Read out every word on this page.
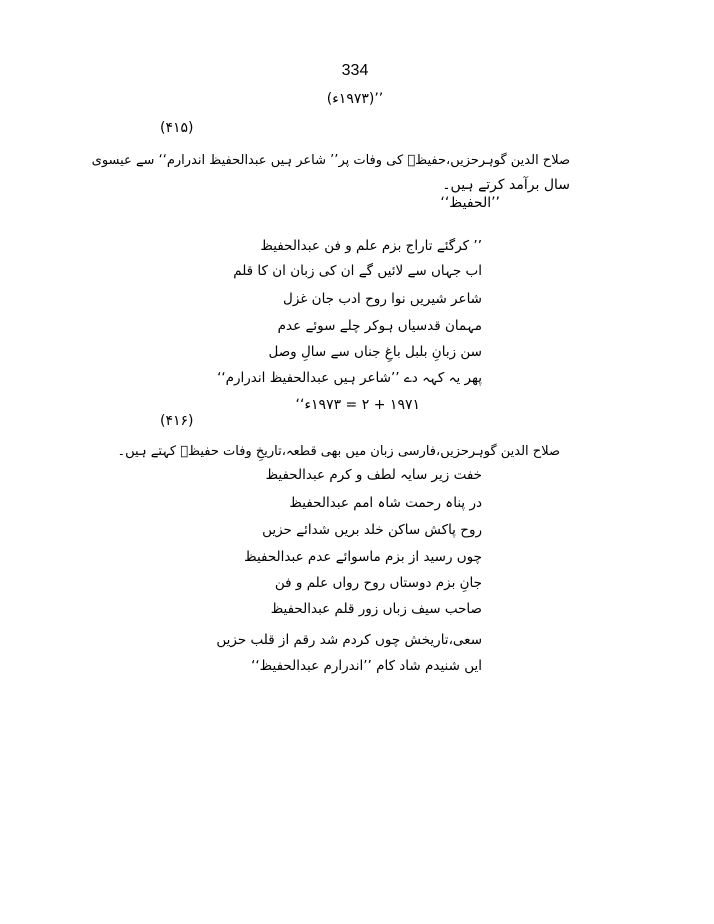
334
’’(۱۹۷۳ء)
(۴۱۵)
صلاح الدین گوہرحزیں،حفیظؔ کی وفات پر’’ شاعر ہیں عبدالحفیظ اندرارم‘‘ سے عیسوی
سال برآمد کرتے ہیں۔
’’الحفیظ‘‘
’’ کرگئے تاراج بزم علم و فن عبدالحفیظ
اب جہاں سے لائیں گے ان کی زبان ان کا قلم
شاعر شیریں نوا روح ادب جان غزل
مہمان قدسیاں ہوکر چلے سوئے عدم
سن زبانِ بلبل باغِ جناں سے سالِ وصل
پھر یہ کہہ دے ’’شاعر ہیں عبدالحفیظ اندرارم‘‘
۱۹۷۱ + ۲ = ۱۹۷۳ء‘‘
(۴۱۶)
صلاح الدین گوہرحزیں،فارسی زبان میں بھی قطعہ،تاریخِ وفات حفیظؔ کہتے ہیں۔
خفت زیر سایہ لطف و کرم عبدالحفیظ
در پناہ رحمت شاہ امم عبدالحفیظ
روح پاکش ساکن خلد بریں شدائے حزیں
چوں رسید از بزم ماسوائے عدم عبدالحفیظ
جانِ بزم دوستاں روح رواں علم و فن
صاحب سیف زباں زور قلم عبدالحفیظ
سعی،تاریخش چوں کردم شد رقم از قلب حزیں
ایں شنیدم شاد کام ’’اندرارم عبدالحفیظ‘‘
